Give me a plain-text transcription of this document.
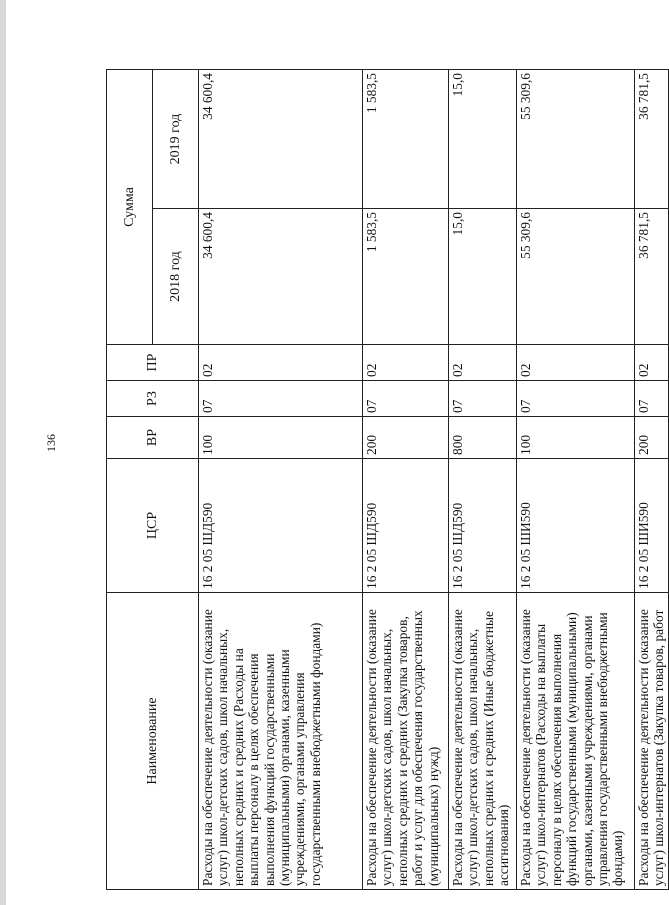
136
Наименование	ЦСР	ВР	РЗ	ПР	Сумма	
					2018 год	2019 год
Расходы на обеспечение деятельности (оказание услуг) школ-детских садов, школ начальных, неполных средних и средних (Расходы на выплаты персоналу в целях обеспечения выполнения функций государственными (муниципальными) органами, казенными учреждениями, органами управления государственными внебюджетными фондами)	16 2 05 ШД590	100	07	02	34 600,4	34 600,4
Расходы на обеспечение деятельности (оказание услуг) школ-детских садов, школ начальных, неполных средних и средних (Закупка товаров, работ и услуг для обеспечения государственных (муниципальных) нужд)	16 2 05 ШД590	200	07	02	1 583,5	1 583,5
Расходы на обеспечение деятельности (оказание услуг) школ-детских садов, школ начальных, неполных средних и средних (Иные бюджетные ассигнования)	16 2 05 ШД590	800	07	02	15,0	15,0
Расходы на обеспечение деятельности (оказание услуг) школ-интернатов (Расходы на выплаты персоналу в целях обеспечения выполнения функций государственными (муниципальными) органами, казенными учреждениями, органами управления государственными внебюджетными фондами)	16 2 05 ШИ590	100	07	02	55 309,6	55 309,6
Расходы на обеспечение деятельности (оказание услуг) школ-интернатов (Закупка товаров, работ	16 2 05 ШИ590	200	07	02	36 781,5	36 781,5
